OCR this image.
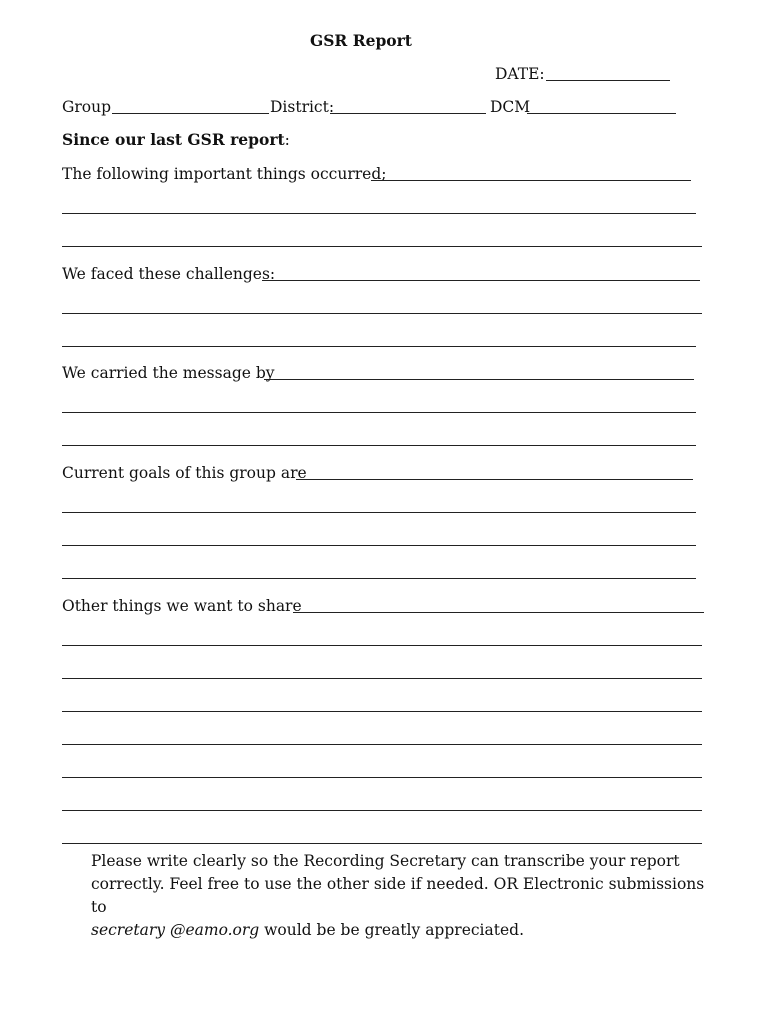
GSR Report
DATE:
Group	District:	DCM
Since our last GSR report:
The following important things occurred;
We faced these challenges:
We carried the message by
Current goals of this group are
Other things we want to share
Please write clearly so the Recording Secretary can transcribe your report
correctly. Feel free to use the other side if needed. OR Electronic submissions to
secretary @eamo.org would be be greatly appreciated.
